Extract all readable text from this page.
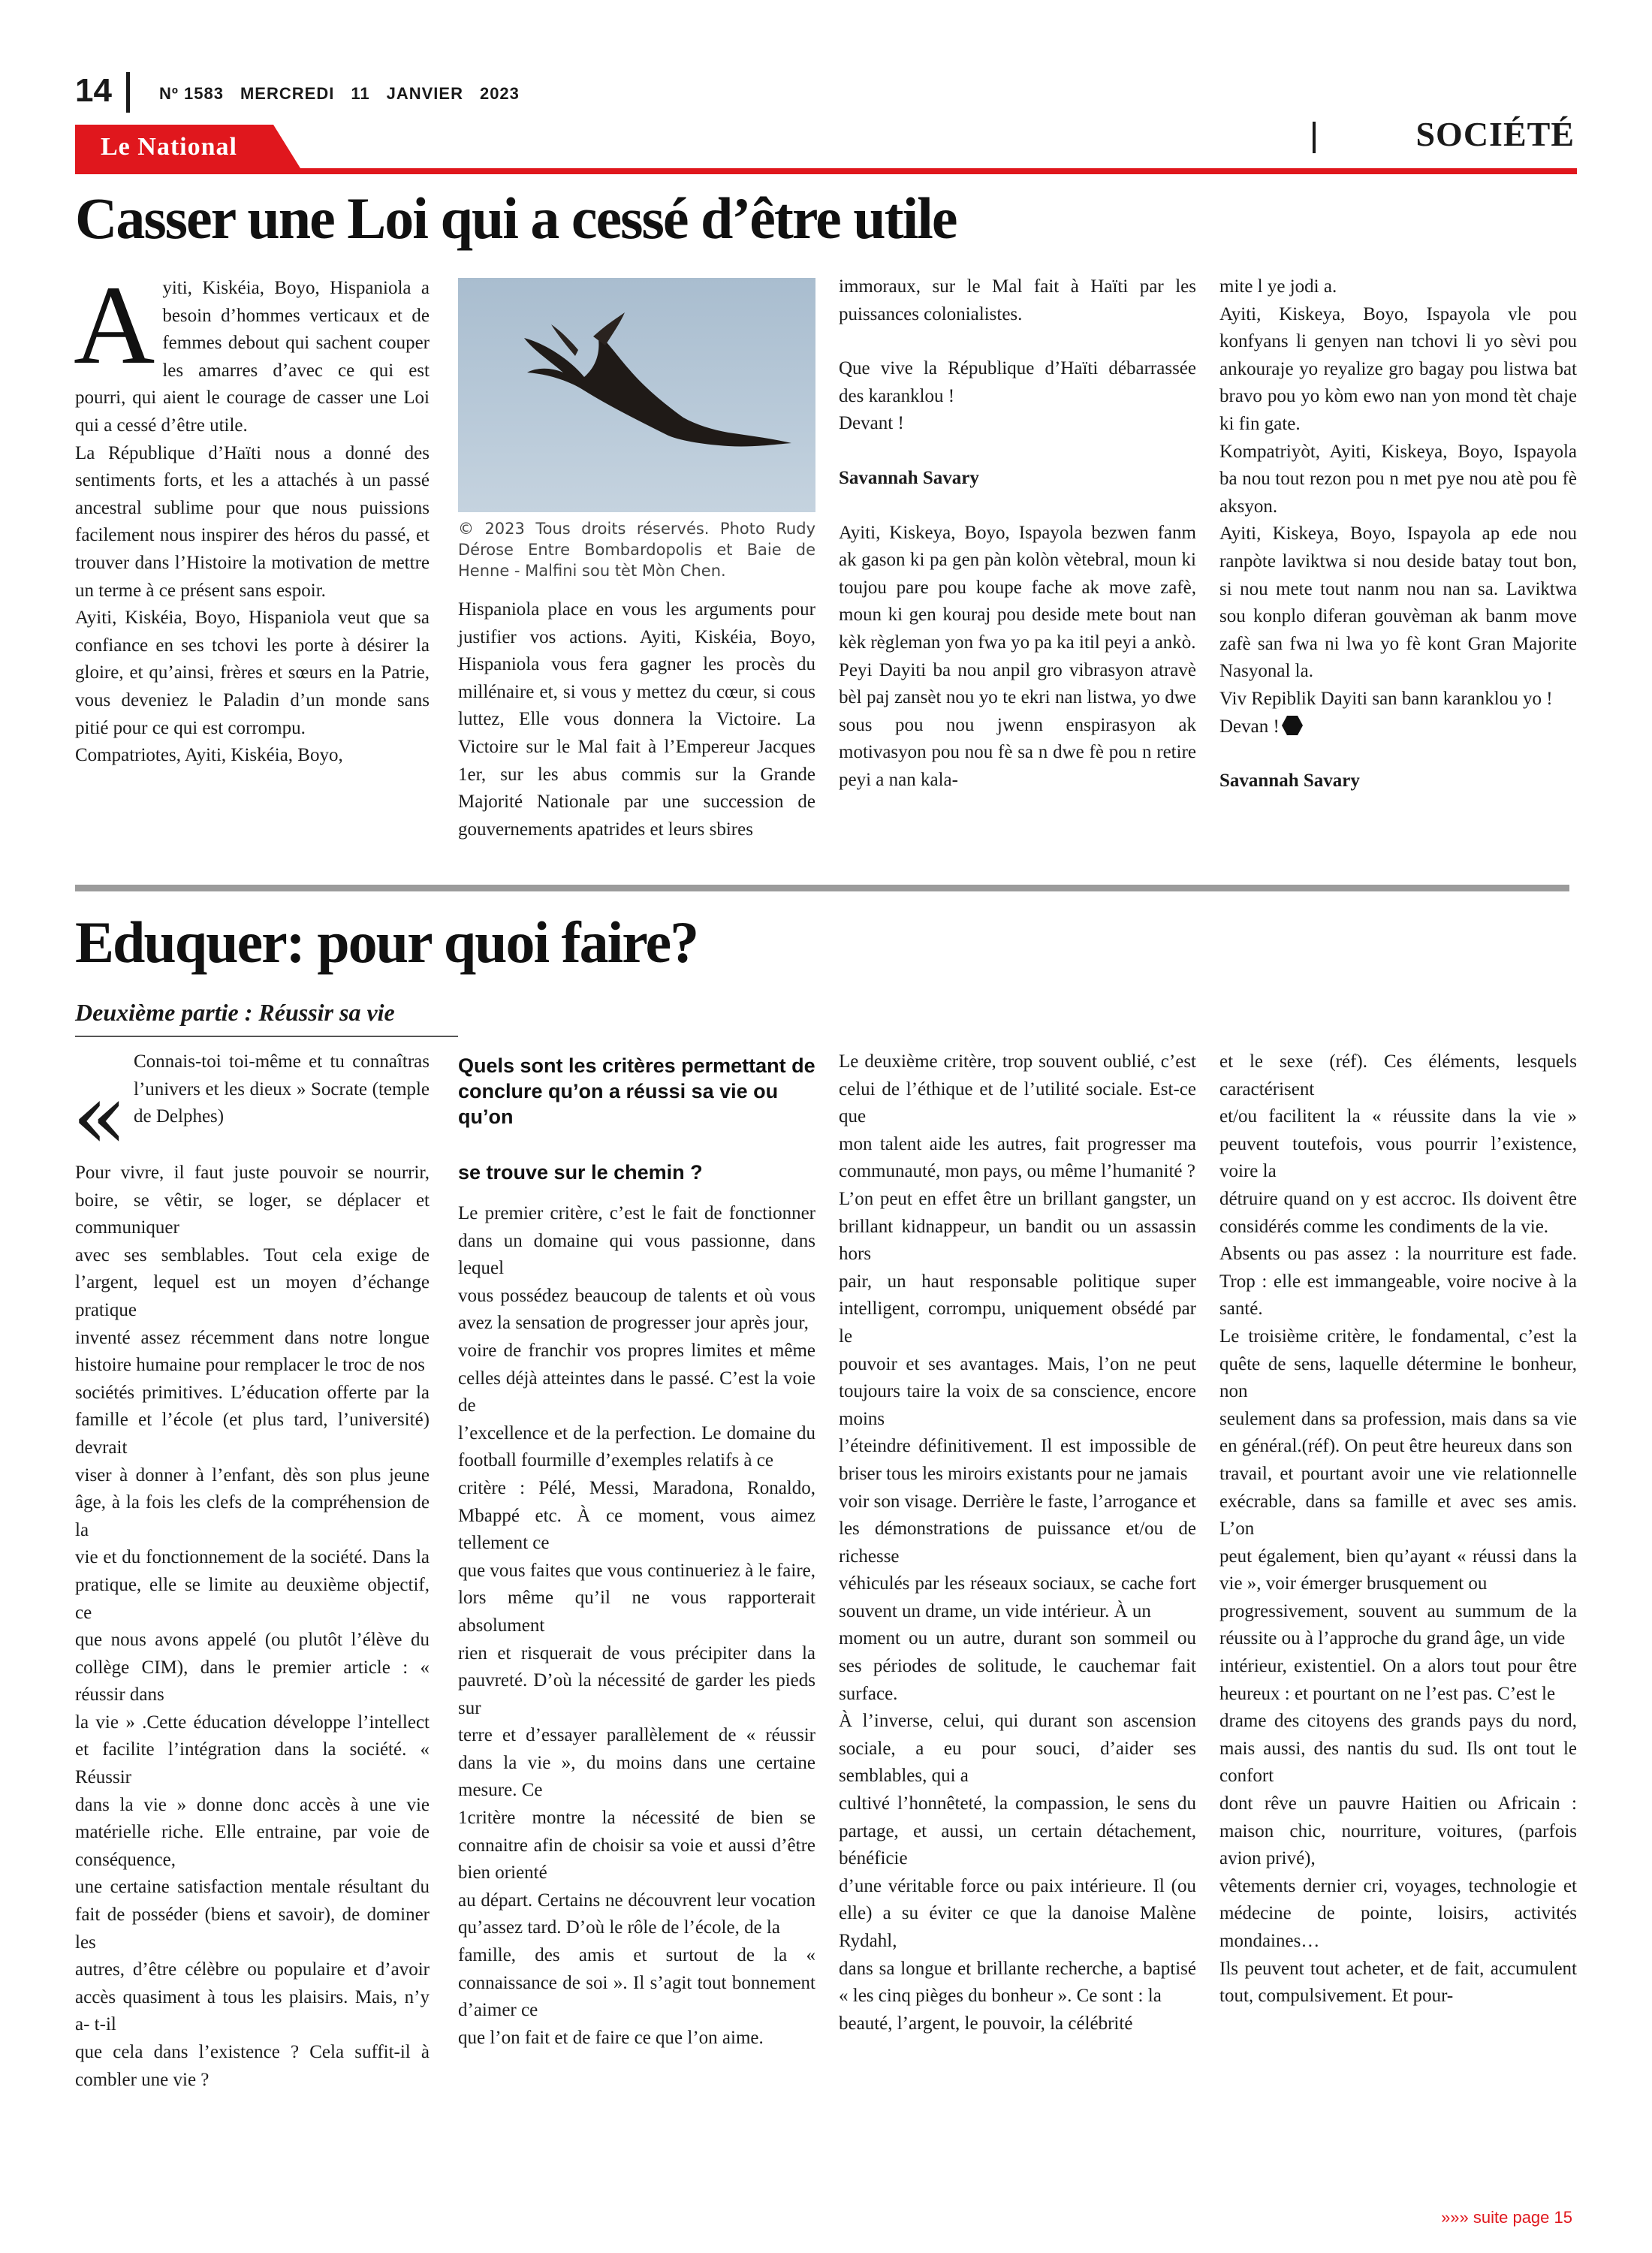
14	Nº 1583 MERCREDI 11 JANVIER 2023
Le National	SOCIÉTÉ
Casser une Loi qui a cessé d’être utile

Ayiti, Kiskéia, Boyo, Hispaniola a besoin d’hommes verticaux et de femmes debout qui sachent couper les amarres d’avec ce qui est pourri, qui aient le courage de casser une Loi qui a cessé d’être utile.

La République d’Haïti nous a donné des sentiments forts, et les a attachés à un passé ancestral sublime pour que nous puissions facilement nous inspirer des héros du passé, et trouver dans l’Histoire la motivation de mettre un terme à ce présent sans espoir.

Ayiti, Kiskéia, Boyo, Hispaniola veut que sa confiance en ses tchovi les porte à désirer la gloire, et qu’ainsi, frères et sœurs en la Patrie, vous deveniez le Paladin d’un monde sans pitié pour ce qui est corrompu.

Compatriotes, Ayiti, Kiskéia, Boyo,

© 2023 Tous droits réservés. Photo Rudy Dérose Entre Bombardopolis et Baie de Henne - Malfini sou tèt Mòn Chen.

Hispaniola place en vous les arguments pour justifier vos actions. Ayiti, Kiskéia, Boyo, Hispaniola vous fera gagner les procès du millénaire et, si vous y mettez du cœur, si cous luttez, Elle vous donnera la Victoire. La Victoire sur le Mal fait à l’Empereur Jacques 1er, sur les abus commis sur la Grande Majorité Nationale par une succession de gouvernements apatrides et leurs sbires

immoraux, sur le Mal fait à Haïti par les puissances colonialistes.

Que vive la République d’Haïti débarrassée des karanklou !

Devant !

Savannah Savary

Ayiti, Kiskeya, Boyo, Ispayola bezwen fanm ak gason ki pa gen pàn kolòn vètebral, moun ki toujou pare pou koupe fache ak move zafè, moun ki gen kouraj pou deside mete bout nan kèk règleman yon fwa yo pa ka itil peyi a ankò.

Peyi Dayiti ba nou anpil gro vibrasyon atravè bèl paj zansèt nou yo te ekri nan listwa, yo dwe sous pou nou jwenn enspirasyon ak motivasyon pou nou fè sa n dwe fè pou n retire peyi a nan kala-

mite l ye jodi a.

Ayiti, Kiskeya, Boyo, Ispayola vle pou konfyans li genyen nan tchovi li yo sèvi pou ankouraje yo reyalize gro bagay pou listwa bat bravo pou yo kòm ewo nan yon mond tèt chaje ki fin gate.

Kompatriyòt, Ayiti, Kiskeya, Boyo, Ispayola ba nou tout rezon pou n met pye nou atè pou fè aksyon.

Ayiti, Kiskeya, Boyo, Ispayola ap ede nou ranpòte laviktwa si nou deside batay tout bon, si nou mete tout nanm nou nan sa. Laviktwa sou konplo diferan gouvèman ak banm move zafè san fwa ni lwa yo fè kont Gran Majorite Nasyonal la.

Viv Repiblik Dayiti san bann karanklou yo !

Devan !

Savannah Savary

Eduquer: pour quoi faire?
Deuxième partie : Réussir sa vie
«

Connais-toi toi-même et tu connaîtras l’univers et les dieux » Socrate (temple de Delphes)

Pour vivre, il faut juste pouvoir se nourrir, boire, se vêtir, se loger, se déplacer et communiquer

avec ses semblables. Tout cela exige de l’argent, lequel est un moyen d’échange pratique

inventé assez récemment dans notre longue histoire humaine pour remplacer le troc de nos

sociétés primitives. L’éducation offerte par la famille et l’école (et plus tard, l’université) devrait

viser à donner à l’enfant, dès son plus jeune âge, à la fois les clefs de la compréhension de la

vie et du fonctionnement de la société. Dans la pratique, elle se limite au deuxième objectif, ce

que nous avons appelé (ou plutôt l’élève du collège CIM), dans le premier article : « réussir dans

la vie » .Cette éducation développe l’intellect et facilite l’intégration dans la société. « Réussir

dans la vie » donne donc accès à une vie matérielle riche. Elle entraine, par voie de conséquence,

une certaine satisfaction mentale résultant du fait de posséder (biens et savoir), de dominer les

autres, d’être célèbre ou populaire et d’avoir accès quasiment à tous les plaisirs. Mais, n’y a- t-il

que cela dans l’existence ? Cela suffit-il à combler une vie ?

Quels sont les critères permettant de conclure qu’on a réussi sa vie ou qu’on

se trouve sur le chemin ?

Le premier critère, c’est le fait de fonctionner dans un domaine qui vous passionne, dans lequel

vous possédez beaucoup de talents et où vous avez la sensation de progresser jour après jour,

voire de franchir vos propres limites et même celles déjà atteintes dans le passé. C’est la voie de

l’excellence et de la perfection. Le domaine du football fourmille d’exemples relatifs à ce

critère : Pélé, Messi, Maradona, Ronaldo, Mbappé etc. À ce moment, vous aimez tellement ce

que vous faites que vous continueriez à le faire, lors même qu’il ne vous rapporterait absolument

rien et risquerait de vous précipiter dans la pauvreté. D’où la nécessité de garder les pieds sur

terre et d’essayer parallèlement de « réussir dans la vie », du moins dans une certaine mesure. Ce

1critère montre la nécessité de bien se connaitre afin de choisir sa voie et aussi d’être bien orienté

au départ. Certains ne découvrent leur vocation qu’assez tard. D’où le rôle de l’école, de la

famille, des amis et surtout de la « connaissance de soi ». Il s’agit tout bonnement d’aimer ce

que l’on fait et de faire ce que l’on aime.

Le deuxième critère, trop souvent oublié, c’est celui de l’éthique et de l’utilité sociale. Est-ce que

mon talent aide les autres, fait progresser ma communauté, mon pays, ou même l’humanité ?

L’on peut en effet être un brillant gangster, un brillant kidnappeur, un bandit ou un assassin hors

pair, un haut responsable politique super intelligent, corrompu, uniquement obsédé par le

pouvoir et ses avantages. Mais, l’on ne peut toujours taire la voix de sa conscience, encore moins

l’éteindre définitivement. Il est impossible de briser tous les miroirs existants pour ne jamais

voir son visage. Derrière le faste, l’arrogance et les démonstrations de puissance et/ou de richesse

véhiculés par les réseaux sociaux, se cache fort souvent un drame, un vide intérieur. À un

moment ou un autre, durant son sommeil ou ses périodes de solitude, le cauchemar fait surface.

À l’inverse, celui, qui durant son ascension sociale, a eu pour souci, d’aider ses semblables, qui a

cultivé l’honnêteté, la compassion, le sens du partage, et aussi, un certain détachement, bénéficie

d’une véritable force ou paix intérieure. Il (ou elle) a su éviter ce que la danoise Malène Rydahl,

dans sa longue et brillante recherche, a baptisé « les cinq pièges du bonheur ». Ce sont : la

beauté, l’argent, le pouvoir, la célébrité

et le sexe (réf). Ces éléments, lesquels caractérisent

et/ou facilitent la « réussite dans la vie » peuvent toutefois, vous pourrir l’existence, voire la

détruire quand on y est accroc. Ils doivent être considérés comme les condiments de la vie.

Absents ou pas assez : la nourriture est fade. Trop : elle est immangeable, voire nocive à la santé.

Le troisième critère, le fondamental, c’est la quête de sens, laquelle détermine le bonheur, non

seulement dans sa profession, mais dans sa vie en général.(réf). On peut être heureux dans son

travail, et pourtant avoir une vie relationnelle exécrable, dans sa famille et avec ses amis. L’on

peut également, bien qu’ayant « réussi dans la vie », voir émerger brusquement ou

progressivement, souvent au summum de la réussite ou à l’approche du grand âge, un vide

intérieur, existentiel. On a alors tout pour être heureux : et pourtant on ne l’est pas. C’est le

drame des citoyens des grands pays du nord, mais aussi, des nantis du sud. Ils ont tout le confort

dont rêve un pauvre Haitien ou Africain : maison chic, nourriture, voitures, (parfois avion privé),

vêtements dernier cri, voyages, technologie et médecine de pointe, loisirs, activités mondaines…

Ils peuvent tout acheter, et de fait, accumulent tout, compulsivement. Et pour-

»»» suite page 15
